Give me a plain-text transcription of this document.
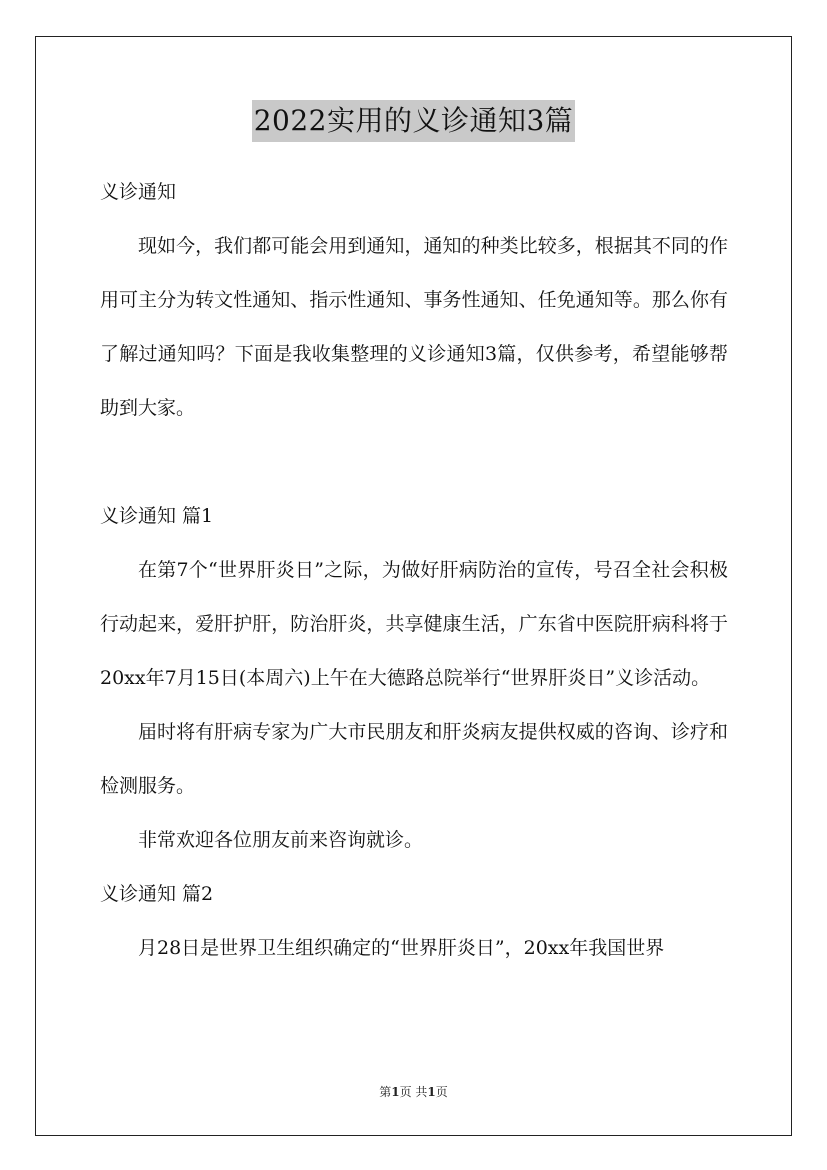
2022实用的义诊通知3篇

义诊通知

现如今，我们都可能会用到通知，通知的种类比较多，根据其不同的作用可主分为转文性通知、指示性通知、事务性通知、任免通知等。那么你有了解过通知吗？下面是我收集整理的义诊通知3篇，仅供参考，希望能够帮助到大家。

义诊通知 篇1

在第7个“世界肝炎日”之际，为做好肝病防治的宣传，号召全社会积极行动起来，爱肝护肝，防治肝炎，共享健康生活，广东省中医院肝病科将于20xx年7月15日(本周六)上午在大德路总院举行“世界肝炎日”义诊活动。

届时将有肝病专家为广大市民朋友和肝炎病友提供权威的咨询、诊疗和检测服务。

非常欢迎各位朋友前来咨询就诊。

义诊通知 篇2

月28日是世界卫生组织确定的“世界肝炎日”，20xx年我国世界

第1页 共1页
